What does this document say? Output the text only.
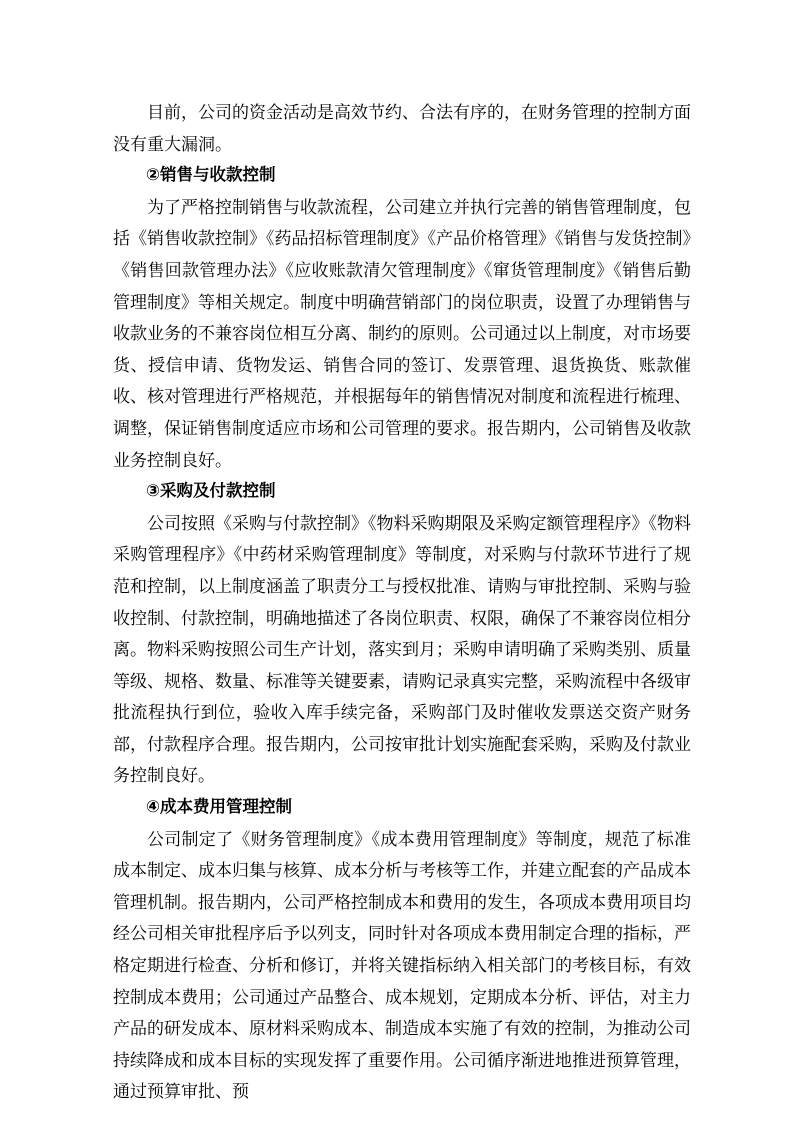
目前，公司的资金活动是高效节约、合法有序的，在财务管理的控制方面没有重大漏洞。

②销售与收款控制

为了严格控制销售与收款流程，公司建立并执行完善的销售管理制度，包括《销售收款控制》《药品招标管理制度》《产品价格管理》《销售与发货控制》《销售回款管理办法》《应收账款清欠管理制度》《窜货管理制度》《销售后勤管理制度》等相关规定。制度中明确营销部门的岗位职责，设置了办理销售与收款业务的不兼容岗位相互分离、制约的原则。公司通过以上制度，对市场要货、授信申请、货物发运、销售合同的签订、发票管理、退货换货、账款催收、核对管理进行严格规范，并根据每年的销售情况对制度和流程进行梳理、调整，保证销售制度适应市场和公司管理的要求。报告期内，公司销售及收款业务控制良好。

③采购及付款控制

公司按照《采购与付款控制》《物料采购期限及采购定额管理程序》《物料采购管理程序》《中药材采购管理制度》等制度，对采购与付款环节进行了规范和控制，以上制度涵盖了职责分工与授权批准、请购与审批控制、采购与验收控制、付款控制，明确地描述了各岗位职责、权限，确保了不兼容岗位相分离。物料采购按照公司生产计划，落实到月；采购申请明确了采购类别、质量等级、规格、数量、标准等关键要素，请购记录真实完整，采购流程中各级审批流程执行到位，验收入库手续完备，采购部门及时催收发票送交资产财务部，付款程序合理。报告期内，公司按审批计划实施配套采购，采购及付款业务控制良好。

④成本费用管理控制

公司制定了《财务管理制度》《成本费用管理制度》等制度，规范了标准成本制定、成本归集与核算、成本分析与考核等工作，并建立配套的产品成本管理机制。报告期内，公司严格控制成本和费用的发生，各项成本费用项目均经公司相关审批程序后予以列支，同时针对各项成本费用制定合理的指标，严格定期进行检查、分析和修订，并将关键指标纳入相关部门的考核目标，有效控制成本费用；公司通过产品整合、成本规划，定期成本分析、评估，对主力产品的研发成本、原材料采购成本、制造成本实施了有效的控制，为推动公司持续降成和成本目标的实现发挥了重要作用。公司循序渐进地推进预算管理，通过预算审批、预
